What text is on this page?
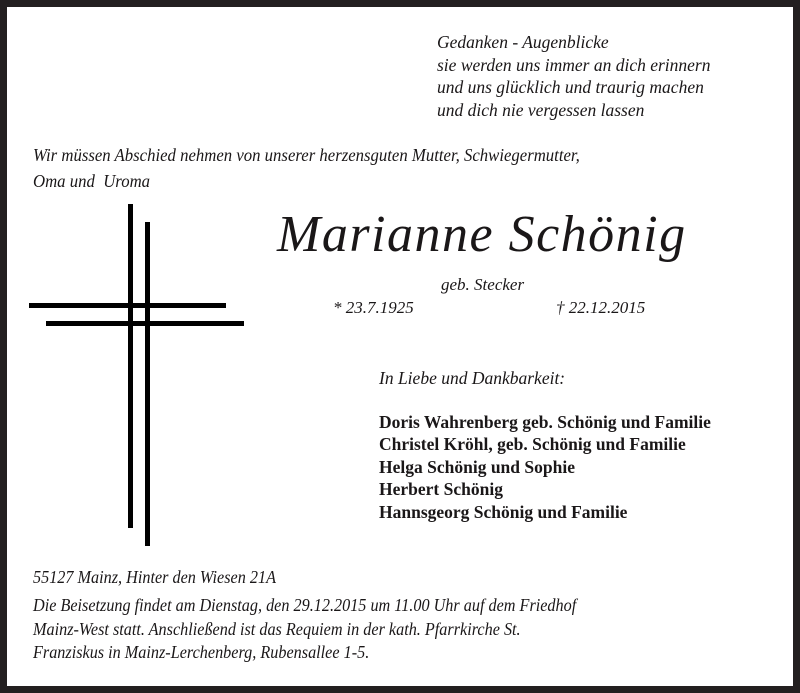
Gedanken - Augenblicke
sie werden uns immer an dich erinnern
und uns glücklich und traurig machen
und dich nie vergessen lassen
Wir müssen Abschied nehmen von unserer herzensguten Mutter, Schwiegermutter,
Oma und  Uroma
Marianne Schönig
geb. Stecker
* 23.7.1925	† 22.12.2015
In Liebe und Dankbarkeit:
Doris Wahrenberg geb. Schönig und Familie
Christel Kröhl, geb. Schönig und Familie
Helga Schönig und Sophie
Herbert Schönig
Hannsgeorg Schönig und Familie
55127 Mainz, Hinter den Wiesen 21A
Die Beisetzung findet am Dienstag, den 29.12.2015 um 11.00 Uhr auf dem Friedhof
Mainz-West statt. Anschließend ist das Requiem in der kath. Pfarrkirche St.
Franziskus in Mainz-Lerchenberg, Rubensallee 1-5.
